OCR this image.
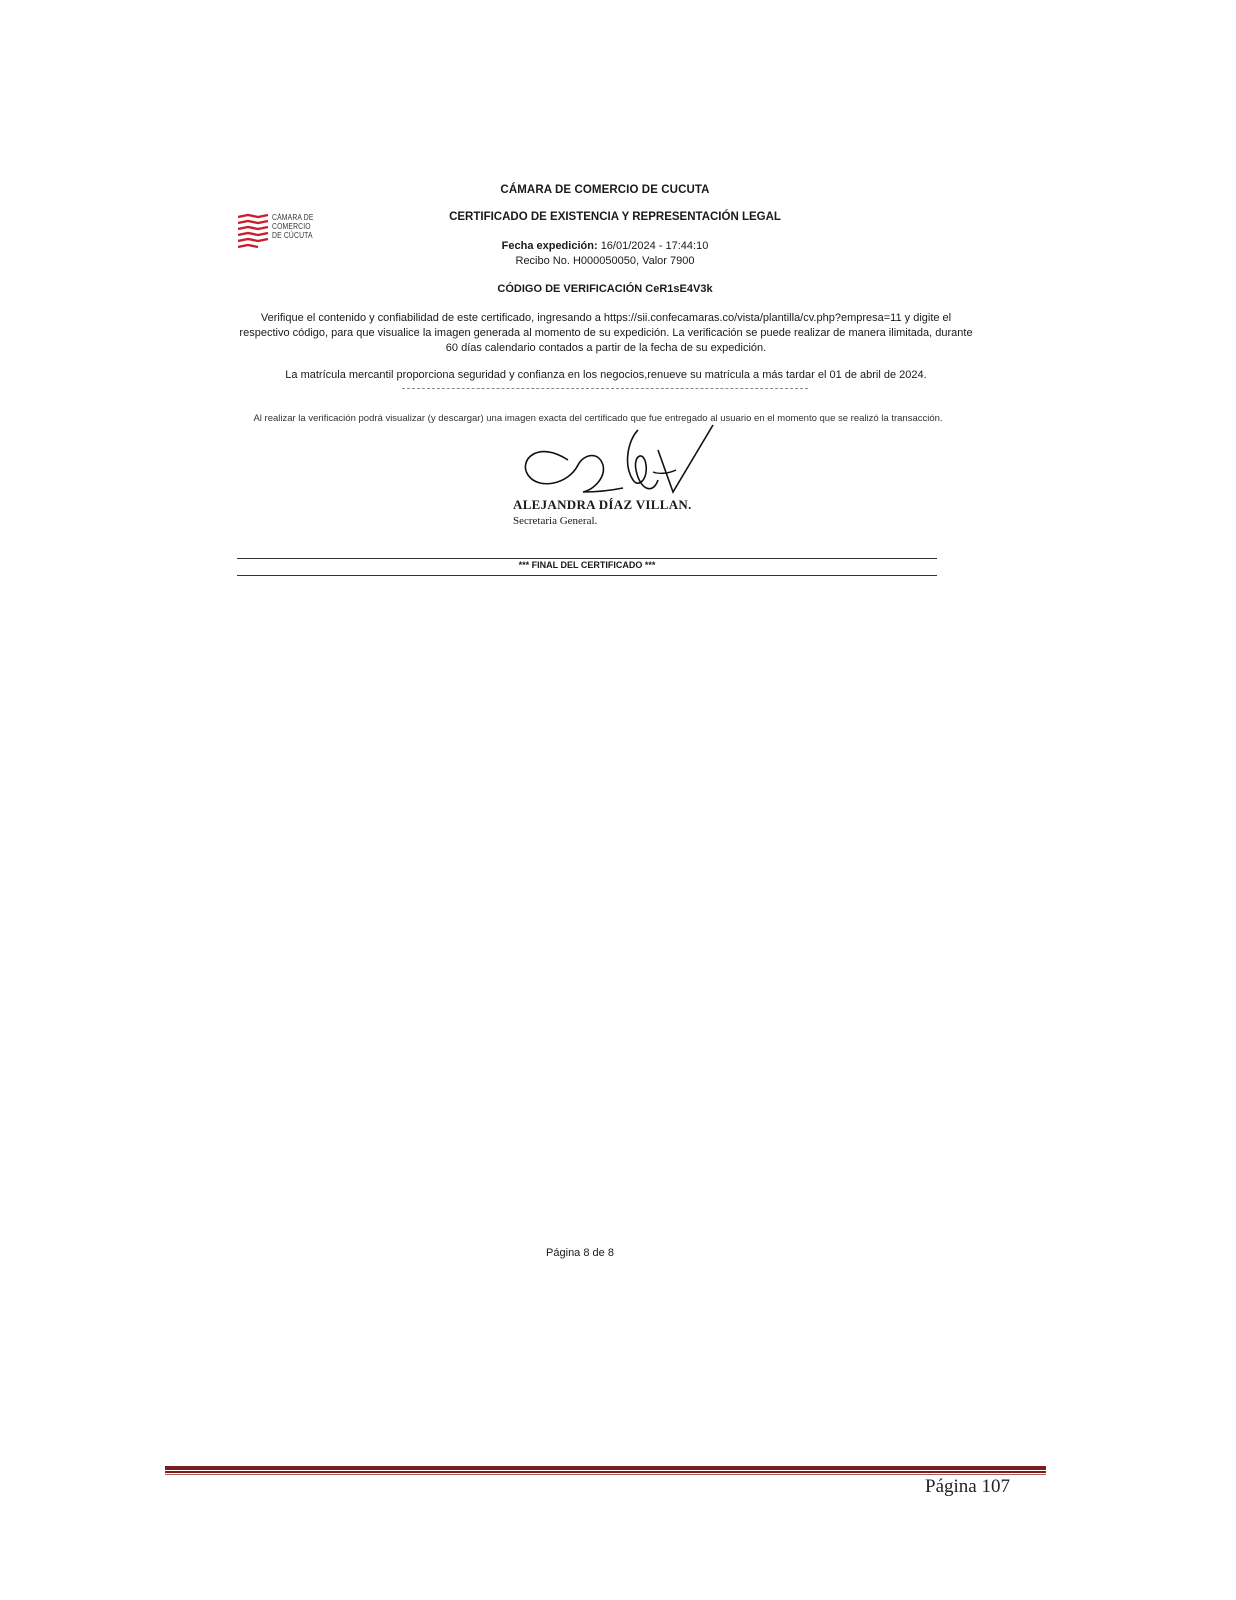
CÁMARA DE
COMERCIO
DE CÚCUTA
CÁMARA DE COMERCIO DE CUCUTA
CERTIFICADO DE EXISTENCIA Y REPRESENTACIÓN LEGAL
Fecha expedición: 16/01/2024 - 17:44:10
Recibo No. H000050050, Valor 7900
CÓDIGO DE VERIFICACIÓN CeR1sE4V3k
Verifique el contenido y confiabilidad de este certificado, ingresando a https://sii.confecamaras.co/vista/plantilla/cv.php?empresa=11 y digite el respectivo código, para que visualice la imagen generada al momento de su expedición. La verificación se puede realizar de manera ilimitada, durante 60 días calendario contados a partir de la fecha de su expedición.
La matrícula mercantil proporciona seguridad y confianza en los negocios,renueve su matrícula a más tardar el 01 de abril de 2024.
Al realizar la verificación podrá visualizar (y descargar) una imagen exacta del certificado que fue entregado al usuario en el momento que se realizó la transacción.
ALEJANDRA DÍAZ VILLAN.
Secretaria General.
*** FINAL DEL CERTIFICADO ***
Página 8 de 8
Página 107
